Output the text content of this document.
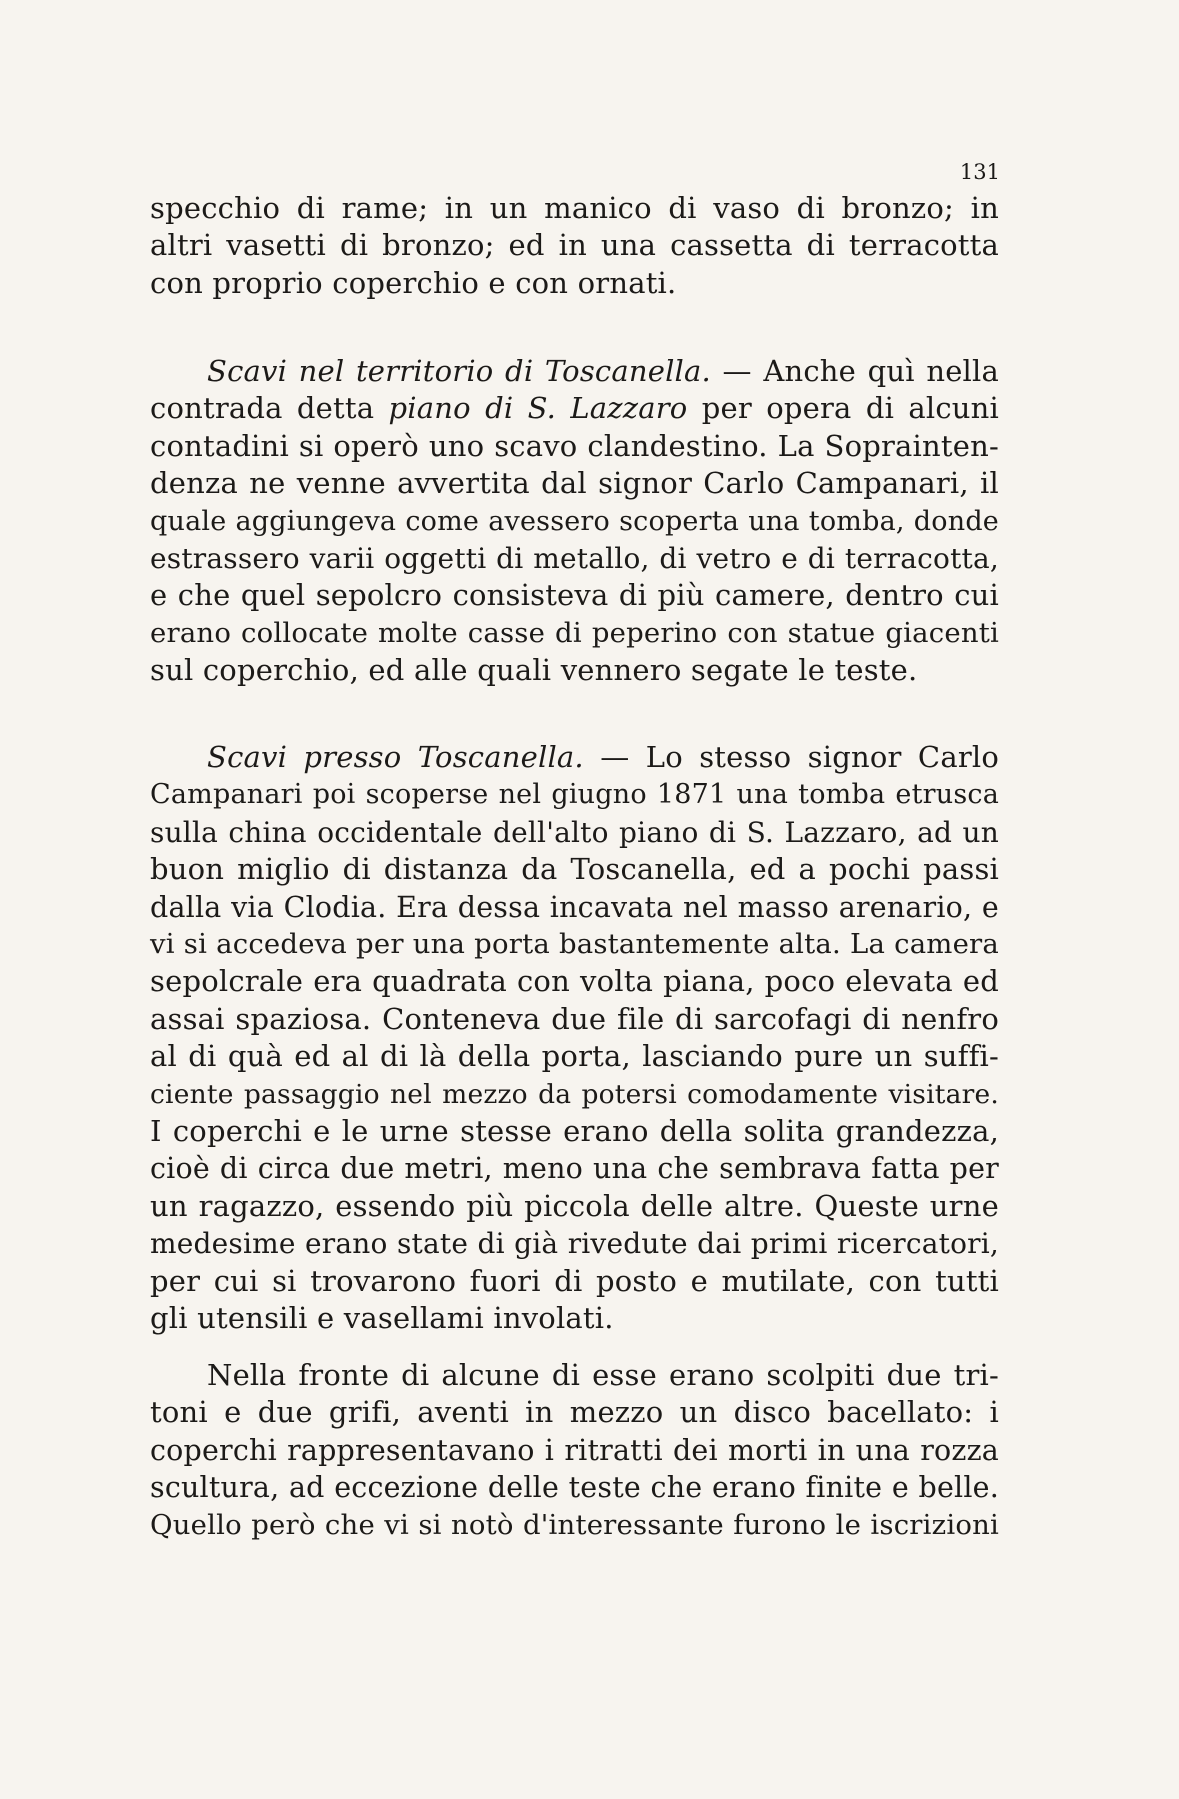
131
specchio di rame; in un manico di vaso di bronzo; in
altri vasetti di bronzo; ed in una cassetta di terracotta
con proprio coperchio e con ornati.
Scavi nel territorio di Toscanella. — Anche quì nella
contrada detta piano di S. Lazzaro per opera di alcuni
contadini si operò uno scavo clandestino. La Soprainten-
denza ne venne avvertita dal signor Carlo Campanari, il
quale aggiungeva come avessero scoperta una tomba, donde
estrassero varii oggetti di metallo, di vetro e di terracotta,
e che quel sepolcro consisteva di più camere, dentro cui
erano collocate molte casse di peperino con statue giacenti
sul coperchio, ed alle quali vennero segate le teste.
Scavi presso Toscanella. — Lo stesso signor Carlo
Campanari poi scoperse nel giugno 1871 una tomba etrusca
sulla china occidentale dell'alto piano di S. Lazzaro, ad un
buon miglio di distanza da Toscanella, ed a pochi passi
dalla via Clodia. Era dessa incavata nel masso arenario, e
vi si accedeva per una porta bastantemente alta. La camera
sepolcrale era quadrata con volta piana, poco elevata ed
assai spaziosa. Conteneva due file di sarcofagi di nenfro
al di quà ed al di là della porta, lasciando pure un suffi-
ciente passaggio nel mezzo da potersi comodamente visitare.
I coperchi e le urne stesse erano della solita grandezza,
cioè di circa due metri, meno una che sembrava fatta per
un ragazzo, essendo più piccola delle altre. Queste urne
medesime erano state di già rivedute dai primi ricercatori,
per cui si trovarono fuori di posto e mutilate, con tutti
gli utensili e vasellami involati.
Nella fronte di alcune di esse erano scolpiti due tri-
toni e due grifi, aventi in mezzo un disco bacellato: i
coperchi rappresentavano i ritratti dei morti in una rozza
scultura, ad eccezione delle teste che erano finite e belle.
Quello però che vi si notò d'interessante furono le iscrizioni
